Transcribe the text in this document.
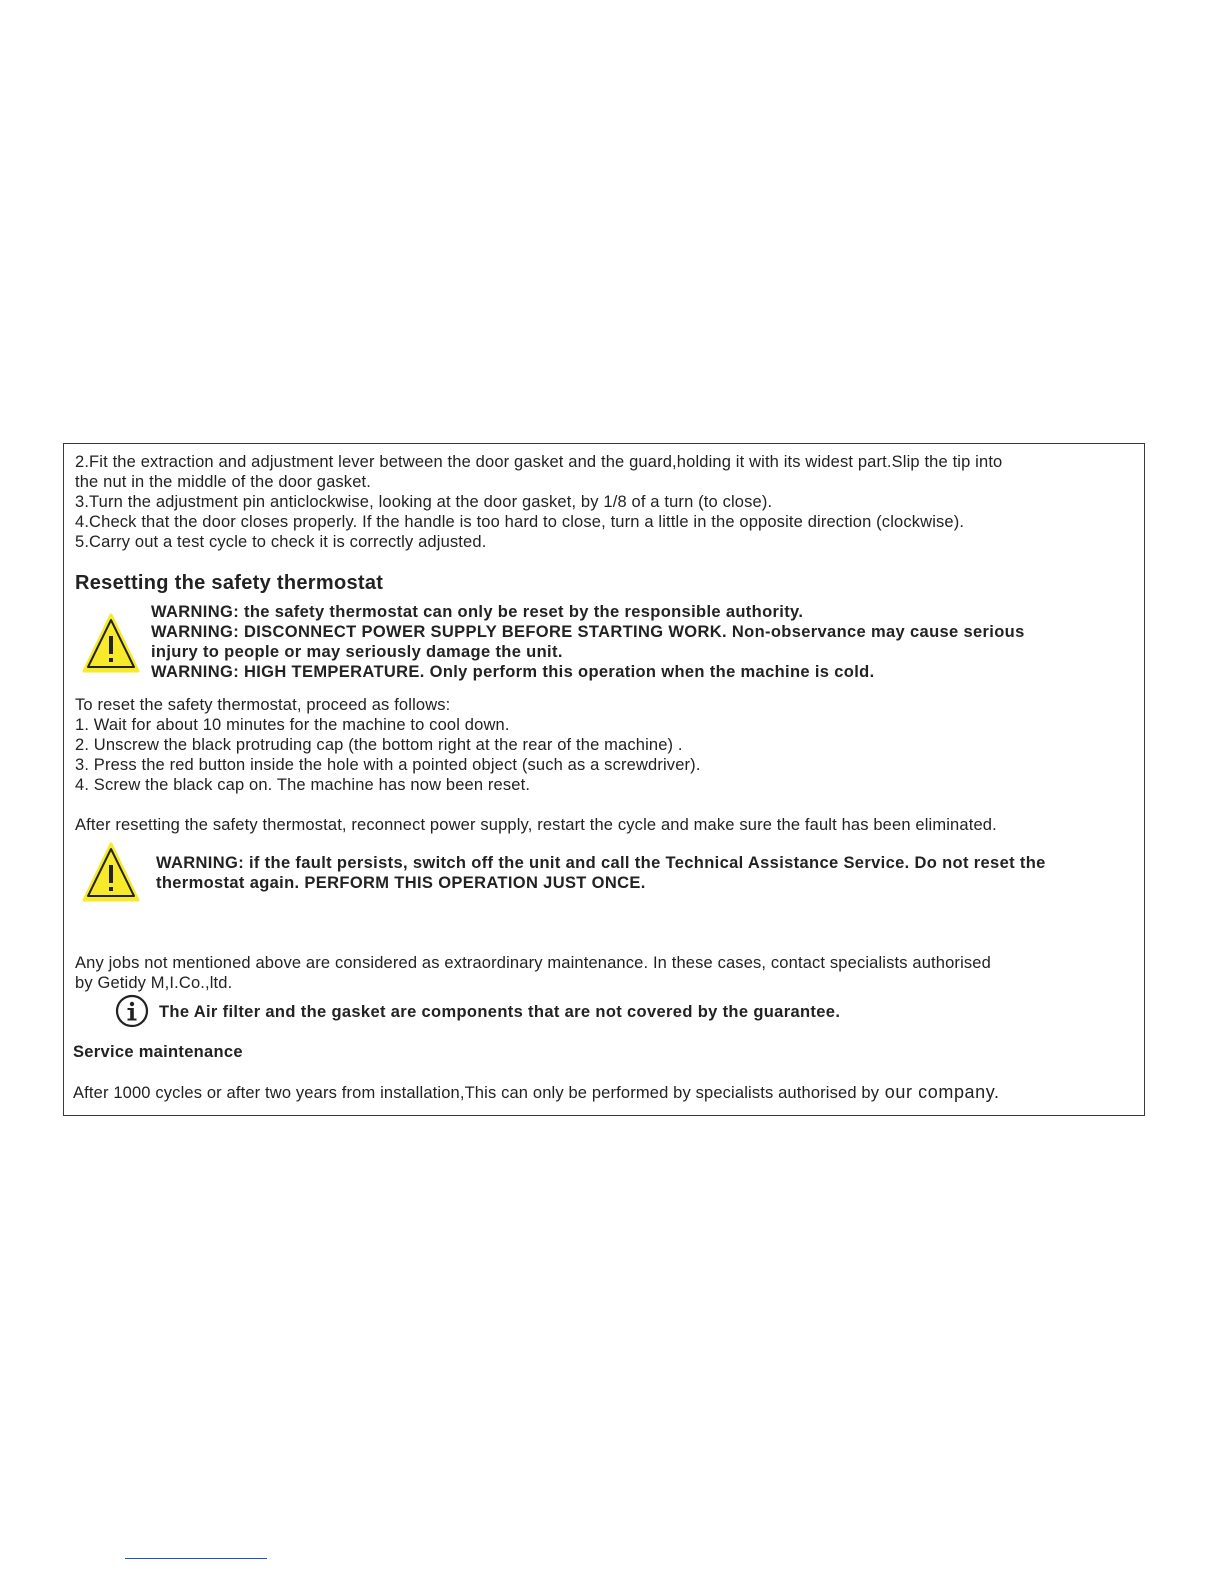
2.Fit the extraction and adjustment lever between the door gasket and the guard,holding it with its widest part.Slip the tip into

the nut in the middle of the door gasket.

3.Turn the adjustment pin anticlockwise, looking at the door gasket, by 1/8 of a turn (to close).

4.Check that the door closes properly. If the handle is too hard to close, turn a little in the opposite direction (clockwise).

5.Carry out a test cycle to check it is correctly adjusted.

Resetting the safety thermostat

WARNING: the safety thermostat can only be reset by the responsible authority.

WARNING: DISCONNECT POWER SUPPLY BEFORE STARTING WORK. Non-observance may cause serious

injury to people or may seriously damage the unit.

WARNING: HIGH TEMPERATURE. Only perform this operation when the machine is cold.

To reset the safety thermostat, proceed as follows:

1. Wait for about 10 minutes for the machine to cool down.

2. Unscrew the black protruding cap (the bottom right at the rear of the machine) .

3. Press the red button inside the hole with a pointed object (such as a screwdriver).

4. Screw the black cap on. The machine has now been reset.

After resetting the safety thermostat, reconnect power supply, restart the cycle and make sure the fault has been eliminated.

WARNING: if the fault persists, switch off the unit and call the Technical Assistance Service. Do not reset the

thermostat again. PERFORM THIS OPERATION JUST ONCE.

Any jobs not mentioned above are considered as extraordinary maintenance. In these cases, contact specialists authorised

by Getidy M,I.Co.,ltd.

The Air filter and the gasket are components that are not covered by the guarantee.

Service maintenance

After 1000 cycles or after two years from installation,This can only be performed by specialists authorised by our company.
